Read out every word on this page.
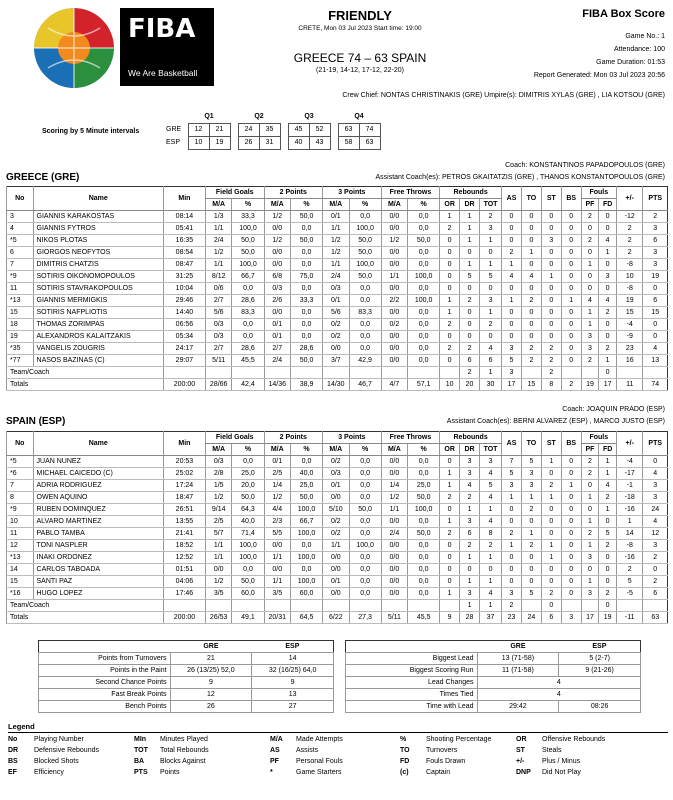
FIBA
We Are Basketball
FRIENDLY
CRETE, Mon 03 Jul 2023 Start time: 19:00
GREECE 74 – 63 SPAIN
(21-19, 14-12, 17-12, 22-20)
FIBA Box Score
Game No.: 1
Attendance: 100
Game Duration: 01:53
Report Generated: Mon 03 Jul 2023 20:56
Crew Chief: NONTAS CHRISTINAKIS (GRE) Umpire(s): DIMITRIS XYLAS (GRE) , LIA KOTSOU (GRE)
Scoring by 5 Minute intervals
	Q1			Q2			Q3			Q4	
GRE	12	21		24	35		45	52		63	74
ESP	10	19		26	31		40	43		58	63
Coach: KONSTANTINOS PAPADOPOULOS (GRE)
Assistant Coach(es): PETROS GKAITATZIS (GRE) , THANOS KONSTANTOPOULOS (GRE)
GREECE (GRE)
No	Name	Min	Field Goals		2 Points		3 Points		Free Throws		Rebounds			AS	TO	ST	BS	Fouls		+/-	PTS
			M/A	%	M/A	%	M/A	%	M/A	%	OR	DR	TOT					PF	FD		
3	GIANNIS KARAKOSTAS	08:14	1/3	33,3	1/2	50,0	0/1	0,0	0/0	0,0	1	1	2	0	0	0	0	2	0	-12	2
4	GIANNIS FYTROS	05:41	1/1	100,0	0/0	0,0	1/1	100,0	0/0	0,0	2	1	3	0	0	0	0	0	0	2	3
*5	NIKOS PLOTAS	16:35	2/4	50,0	1/2	50,0	1/2	50,0	1/2	50,0	0	1	1	0	0	3	0	2	4	2	6
6	GIORGOS NEOFYTOS	08:54	1/2	50,0	0/0	0,0	1/2	50,0	0/0	0,0	0	0	0	2	1	0	0	0	1	2	3
7	DIMITRIS CHATZIS	08:47	1/1	100,0	0/0	0,0	1/1	100,0	0/0	0,0	0	1	1	1	0	0	0	1	0	-8	3
*9	SOTIRIS OIKONOMOPOULOS	31:25	8/12	66,7	6/8	75,0	2/4	50,0	1/1	100,0	0	5	5	4	4	1	0	0	3	10	19
11	SOTIRIS STAVRAKOPOULOS	10:04	0/6	0,0	0/3	0,0	0/3	0,0	0/0	0,0	0	0	0	0	0	0	0	0	0	-8	0
*13	GIANNIS MERMIGKIS	29:46	2/7	28,6	2/6	33,3	0/1	0,0	2/2	100,0	1	2	3	1	2	0	1	4	4	19	6
15	SOTIRIS NAFPLIOTIS	14:40	5/6	83,3	0/0	0,0	5/6	83,3	0/0	0,0	1	0	1	0	0	0	0	1	2	15	15
18	THOMAS ZORIMPAS	06:56	0/3	0,0	0/1	0,0	0/2	0,0	0/2	0,0	2	0	2	0	0	0	0	1	0	-4	0
19	ALEXANDROS KALAITZAKIS	05:34	0/3	0,0	0/1	0,0	0/2	0,0	0/0	0,0	0	0	0	0	0	0	0	3	0	-9	0
*35	VANGELIS ZOUGRIS	24:17	2/7	28,6	2/7	28,6	0/0	0,0	0/0	0,0	2	2	4	3	2	2	0	3	2	23	4
*77	NASOS BAZINAS (C)	29:07	5/11	45,5	2/4	50,0	3/7	42,9	0/0	0,0	0	6	6	5	2	2	0	2	1	16	13
Team/Coach												2	1	3		2			0		
Totals		200:00	28/66	42,4	14/36	38,9	14/30	46,7	4/7	57,1	10	20	30	17	15	8	2	19	17	11	74
Coach: JOAQUIN PRADO (ESP)
Assistant Coach(es): BERNI ALVAREZ (ESP) , MARCO JUSTO (ESP)
SPAIN (ESP)
No	Name	Min	Field Goals		2 Points		3 Points		Free Throws		Rebounds			AS	TO	ST	BS	Fouls		+/-	PTS
			M/A	%	M/A	%	M/A	%	M/A	%	OR	DR	TOT					PF	FD		
*5	JUAN NUNEZ	20:53	0/3	0,0	0/1	0,0	0/2	0,0	0/0	0,0	0	3	3	7	5	1	0	2	1	-4	0
*6	MICHAEL CAICEDO (C)	25:02	2/8	25,0	2/5	40,0	0/3	0,0	0/0	0,0	1	3	4	5	3	0	0	2	1	-17	4
7	ADRIA RODRIGUEZ	17:24	1/5	20,0	1/4	25,0	0/1	0,0	1/4	25,0	1	4	5	3	3	2	1	0	4	-1	3
8	OWEN AQUINO	18:47	1/2	50,0	1/2	50,0	0/0	0,0	1/2	50,0	2	2	4	1	1	1	0	1	2	-18	3
*9	RUBEN DOMINQUEZ	26:51	9/14	64,3	4/4	100,0	5/10	50,0	1/1	100,0	0	1	1	0	2	0	0	0	1	-16	24
10	ALVARO MARTINEZ	13:55	2/5	40,0	2/3	66,7	0/2	0,0	0/0	0,0	1	3	4	0	0	0	0	1	0	1	4
11	PABLO TAMBA	21:41	5/7	71,4	5/5	100,0	0/2	0,0	2/4	50,0	2	6	8	2	1	0	0	2	5	14	12
12	TONI NASPLER	18:52	1/1	100,0	0/0	0,0	1/1	100,0	0/0	0,0	0	2	2	1	2	1	0	1	2	-8	3
*13	INAKI ORDONEZ	12:52	1/1	100,0	1/1	100,0	0/0	0,0	0/0	0,0	0	1	1	0	0	1	0	3	0	-16	2
14	CARLOS TABOADA	01:51	0/0	0,0	0/0	0,0	0/0	0,0	0/0	0,0	0	0	0	0	0	0	0	0	0	2	0
15	SANTI PAZ	04:06	1/2	50,0	1/1	100,0	0/1	0,0	0/0	0,0	0	1	1	0	0	0	0	1	0	5	2
*16	HUGO LOPEZ	17:46	3/5	60,0	3/5	60,0	0/0	0,0	0/0	0,0	1	3	4	3	5	2	0	3	2	-5	6
Team/Coach												1	1	2		0			0		
Totals		200:00	26/53	49,1	20/31	64,5	6/22	27,3	5/11	45,5	9	28	37	23	24	6	3	17	19	-11	63
	GRE	ESP
Points from Turnovers	21	14
Points in the Paint	26 (13/25) 52,0	32 (16/25) 64,0
Second Chance Points	9	9
Fast Break Points	12	13
Bench Points	26	27
	GRE	ESP
Biggest Lead	13 (71-58)	5 (2-7)
Biggest Scoring Run	11 (71-58)	9 (21-26)
Lead Changes	4	
Times Tied	4	
Time with Lead	29:42	08:26
Legend
No Playing Number	MIn Minutes Played	M/A Made Attempts	%	Shooting Percentage	OR Offensive Rebounds
DR Defensive Rebounds	TOT Total Rebounds	AS Assists	TO Turnovers	ST Steals
BS Blocked Shots	BA Blocks Against	PF Personal Fouls	FD Fouls Drawn	+/-	Plus / Minus
EF Efficiency	PTS Points	*	Game Starters	(c) Captain	DNP Did Not Play
